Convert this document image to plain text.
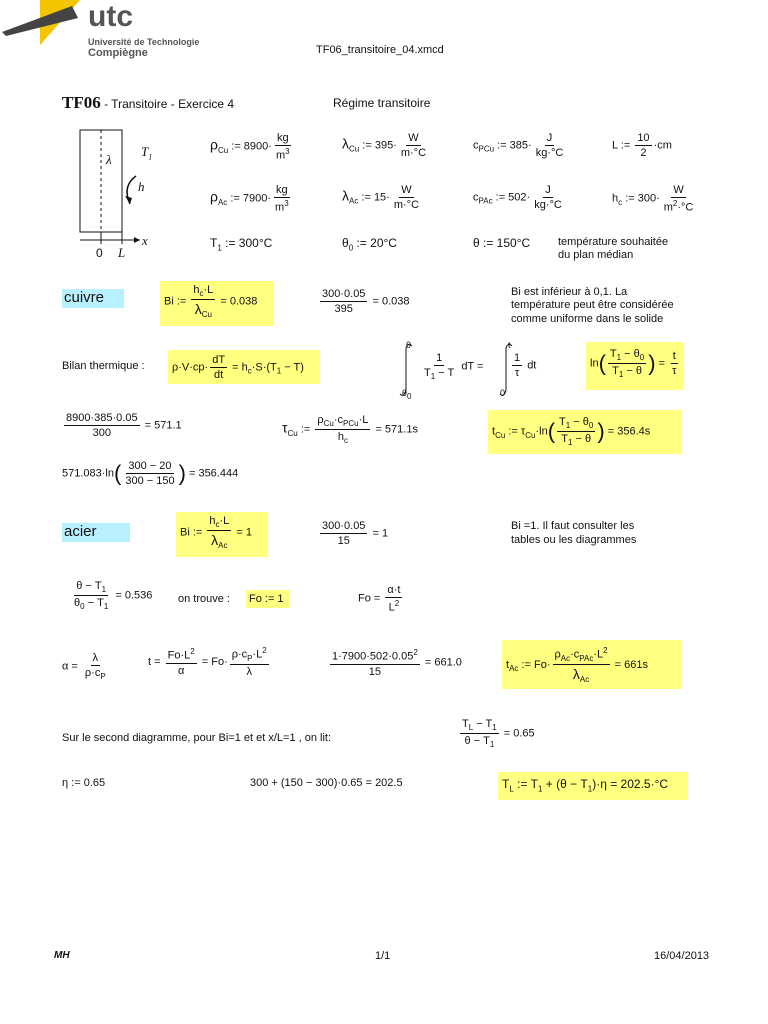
utc
Université de Technologie
Compiègne	TF06_transitoire_04.xmcd
TF06 - Transitoire - Exercice 4	Régime transitoire
$T_1$
λ
h
x
0 L
$\rho_{Cu}$ := $8900\cdot \frac{kg}{m^3}$	$\lambda_{Cu}$ := $395\cdot \frac{W}{m\cdot^\circ C}$	$c_{PCu}$ := $385\cdot \frac{J}{kg\cdot^\circ C}$	L := $\frac{10}{2} \cdot cm$
$\rho_{Ac}$ := $7900\cdot \frac{kg}{m^3}$	$\lambda_{Ac}$ := $15\cdot \frac{W}{m\cdot^\circ C}$	$c_{PAc}$ := $502\cdot \frac{J}{kg\cdot^\circ C}$	$h_c$ := $300\cdot \frac{W}{m^2\cdot^\circ C}$
$T_1$ := 300°C	$\theta_0$ := 20°C	θ := 150°C	température souhaitée
du plan médian
cuivre	Bi := $\frac{h_c\cdot L}{\lambda_{Cu}} = 0.038$	$\frac{300\cdot 0.05}{395} = 0.038$
Bi est inférieur à 0,1. La
température peut être considérée
comme uniforme dans le solide
Bilan thermique : $\rho\cdot V\cdot cp\cdot \frac{dT}{dt} = h_c\cdot S\cdot(T_1 - T)$
θ
$\theta_0$
$\frac{1}{T_1 - T}$ dT =
t
0
$\frac{1}{\tau}$ dt	$\ln( \frac{T_1 - \theta_0}{T_1 - \theta}$ ) = $\frac{t}{\tau}$
$\frac{8900\cdot 385\cdot 0.05}{300} = 571.1$	$\tau_{Cu}$ := $\frac{\rho_{Cu}\cdot c_{PCu}\cdot L}{h_c} = 571.1s$	$t_{Cu}$ := $\tau_{Cu}\cdot\ln( \frac{T_1 - \theta_0}{T_1 - \theta}$ ) = 356.4s
$571.083\cdot\ln( \frac{300 - 20}{300 - 150}$ ) = 356.444
acier	Bi := $\frac{h_c\cdot L}{\lambda_{Ac}} = 1$	$\frac{300\cdot 0.05}{15} = 1$
Bi =1. Il faut consulter les
tables ou les diagrammes
$\frac{\theta - T_1}{\theta_0 - T_1} = 0.536$ on trouve : Fo := 1	$Fo = \frac{\alpha\cdot t}{L^2}$
$\alpha = \frac{\lambda}{\rho\cdot c_P}$	$t = \frac{Fo\cdot L^2}{\alpha} = Fo\cdot \frac{\rho\cdot c_P\cdot L^2}{\lambda}$	$\frac{1\cdot 7900\cdot 502\cdot 0.05^2}{15} = 661.0$	$t_{Ac}$ := $Fo\cdot \frac{\rho_{Ac}\cdot c_{PAc}\cdot L^2}{\lambda_{Ac}} = 661s$
Sur le second diagramme, pour Bi=1 et et x/L=1 , on lit:	$\frac{T_L - T_1}{\theta - T_1} = 0.65$
η := 0.65	300 + (150 − 300)·0.65 = 202.5	$T_L$ := $T_1 + (\theta - T_1)\cdot\eta = 202.5\cdot^\circ C$
MH	1/1	16/04/2013
